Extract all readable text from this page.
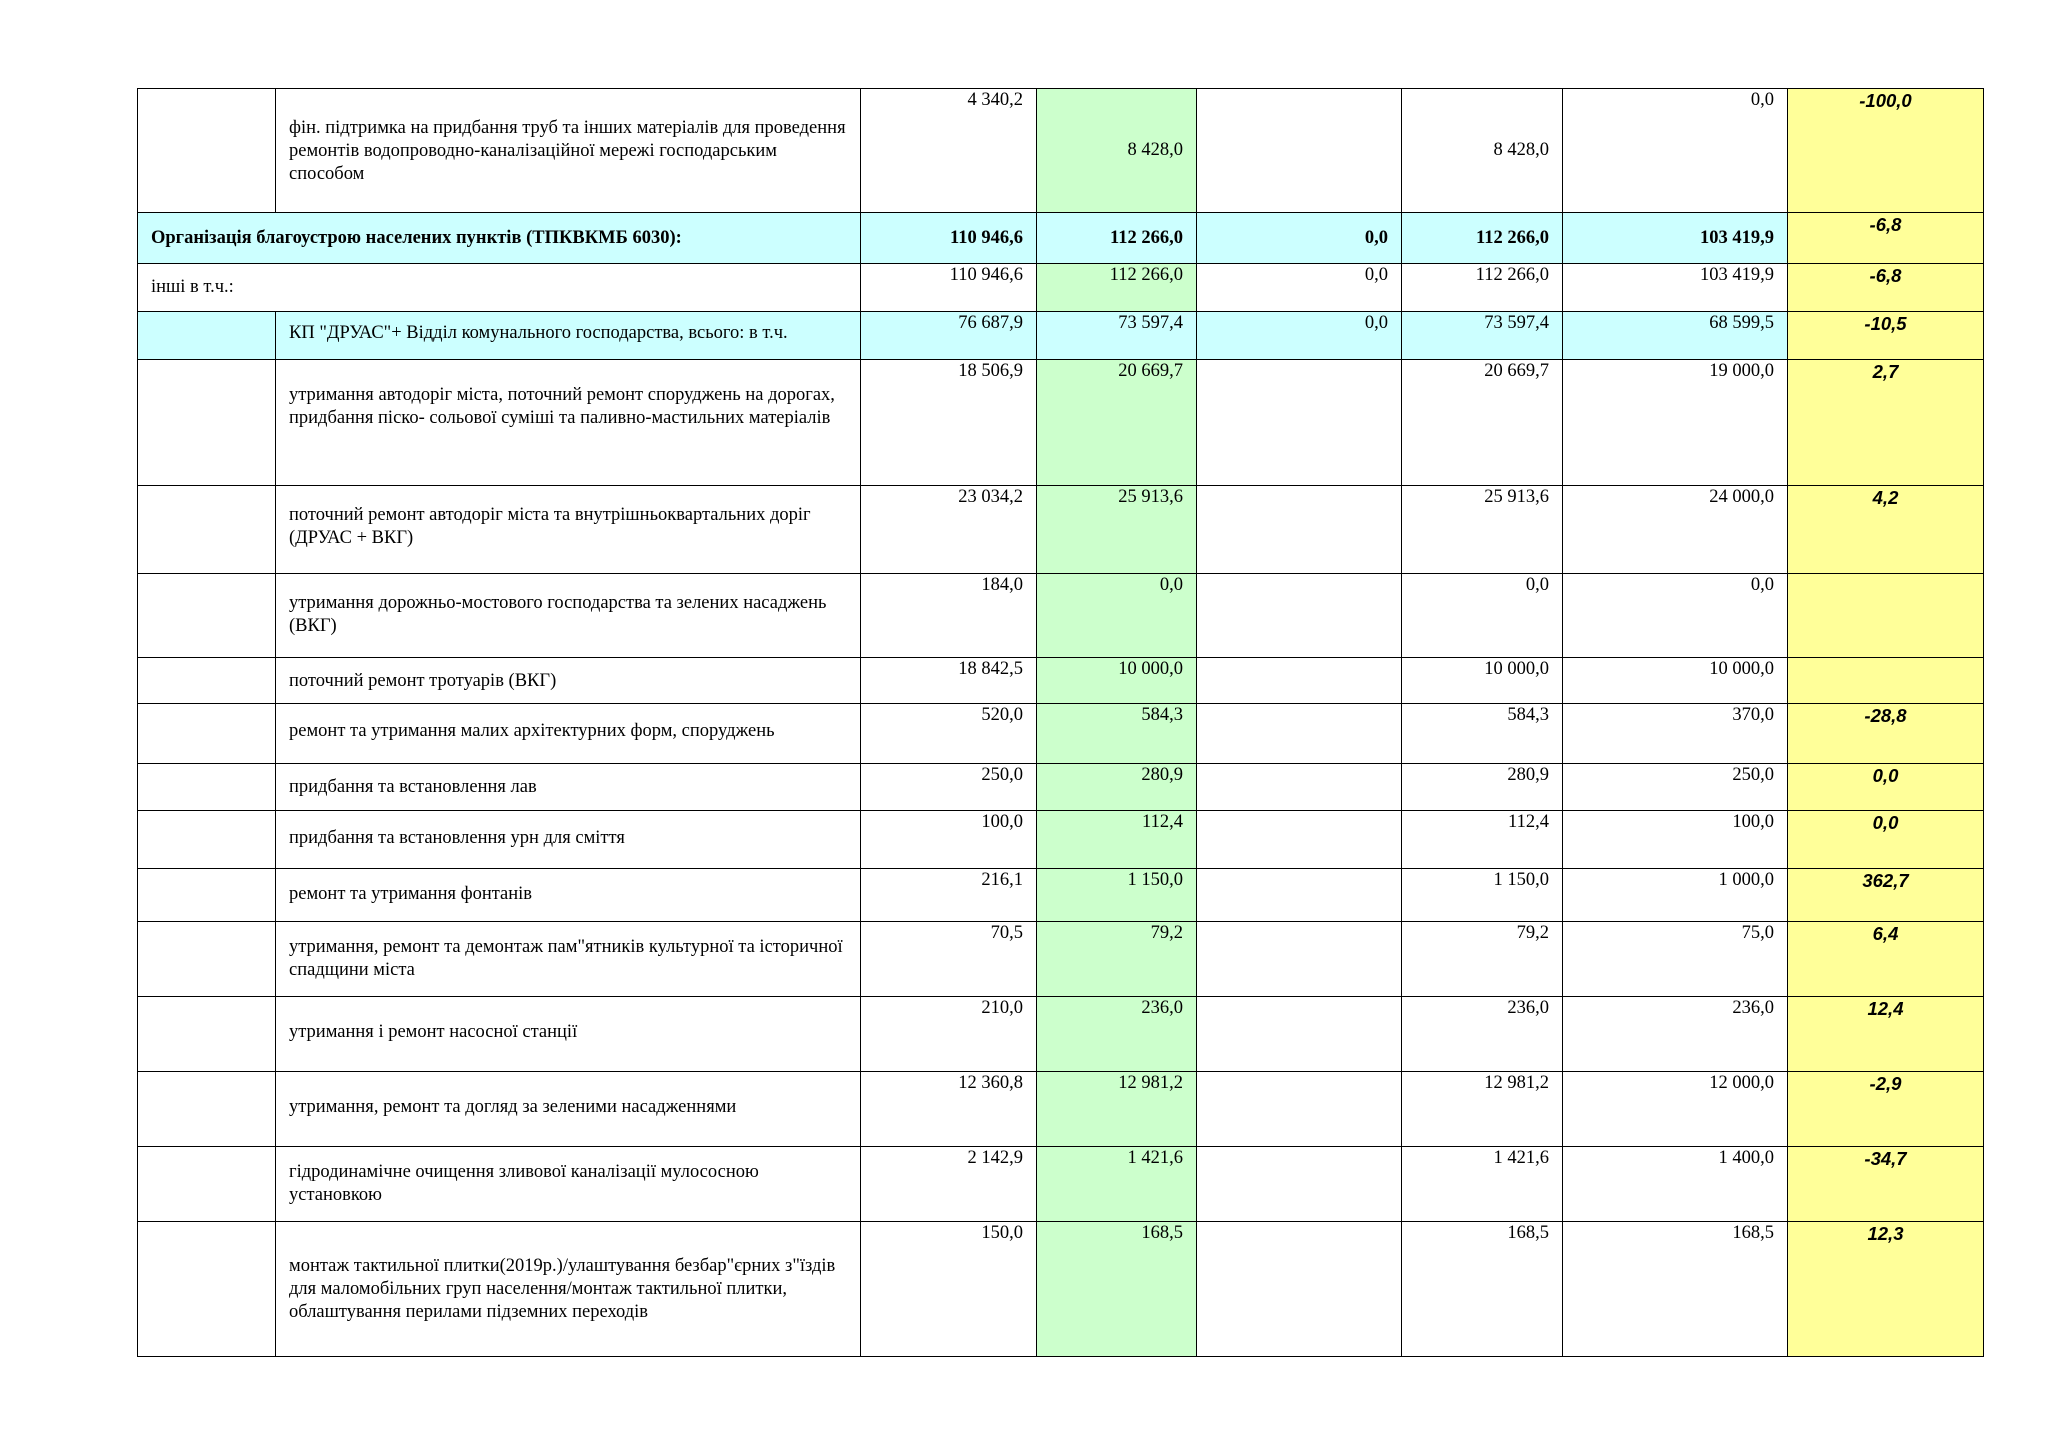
	фін. підтримка на придбання труб та інших матеріалів для проведення ремонтів водопроводно-каналізаційної мережі господарським способом	4 340,2	8 428,0		8 428,0	0,0	-100,0
Організація благоустрою населених пунктів (ТПКВКМБ 6030):		110 946,6	112 266,0	0,0	112 266,0	103 419,9	-6,8
інші в т.ч.:		110 946,6	112 266,0	0,0	112 266,0	103 419,9	-6,8
	КП "ДРУАС"+ Відділ комунального господарства, всього: в т.ч.	76 687,9	73 597,4	0,0	73 597,4	68 599,5	-10,5
	утримання автодоріг міста, поточний ремонт споруджень на дорогах, придбання піско- сольової суміші та паливно-мастильних матеріалів	18 506,9	20 669,7		20 669,7	19 000,0	2,7
	поточний ремонт автодоріг міста та внутрішньоквартальних доріг (ДРУАС + ВКГ)	23 034,2	25 913,6		25 913,6	24 000,0	4,2
	утримання дорожньо-мостового господарства та зелених насаджень (ВКГ)	184,0	0,0		0,0	0,0	
	поточний ремонт тротуарів (ВКГ)	18 842,5	10 000,0		10 000,0	10 000,0	
	ремонт та утримання малих архітектурних форм, споруджень	520,0	584,3		584,3	370,0	-28,8
	придбання та встановлення лав	250,0	280,9		280,9	250,0	0,0
	придбання та встановлення урн для сміття	100,0	112,4		112,4	100,0	0,0
	ремонт та утримання фонтанів	216,1	1 150,0		1 150,0	1 000,0	362,7
	утримання, ремонт та демонтаж пам"ятників культурної та історичної спадщини міста	70,5	79,2		79,2	75,0	6,4
	утримання і ремонт насосної станції	210,0	236,0		236,0	236,0	12,4
	утримання, ремонт та догляд за зеленими насадженнями	12 360,8	12 981,2		12 981,2	12 000,0	-2,9
	гідродинамічне очищення зливової каналізації мулососною установкою	2 142,9	1 421,6		1 421,6	1 400,0	-34,7
	монтаж тактильної плитки(2019р.)/улаштування безбар"єрних з"їздів для маломобільних груп населення/монтаж тактильної плитки, облаштування перилами підземних переходів	150,0	168,5		168,5	168,5	12,3
